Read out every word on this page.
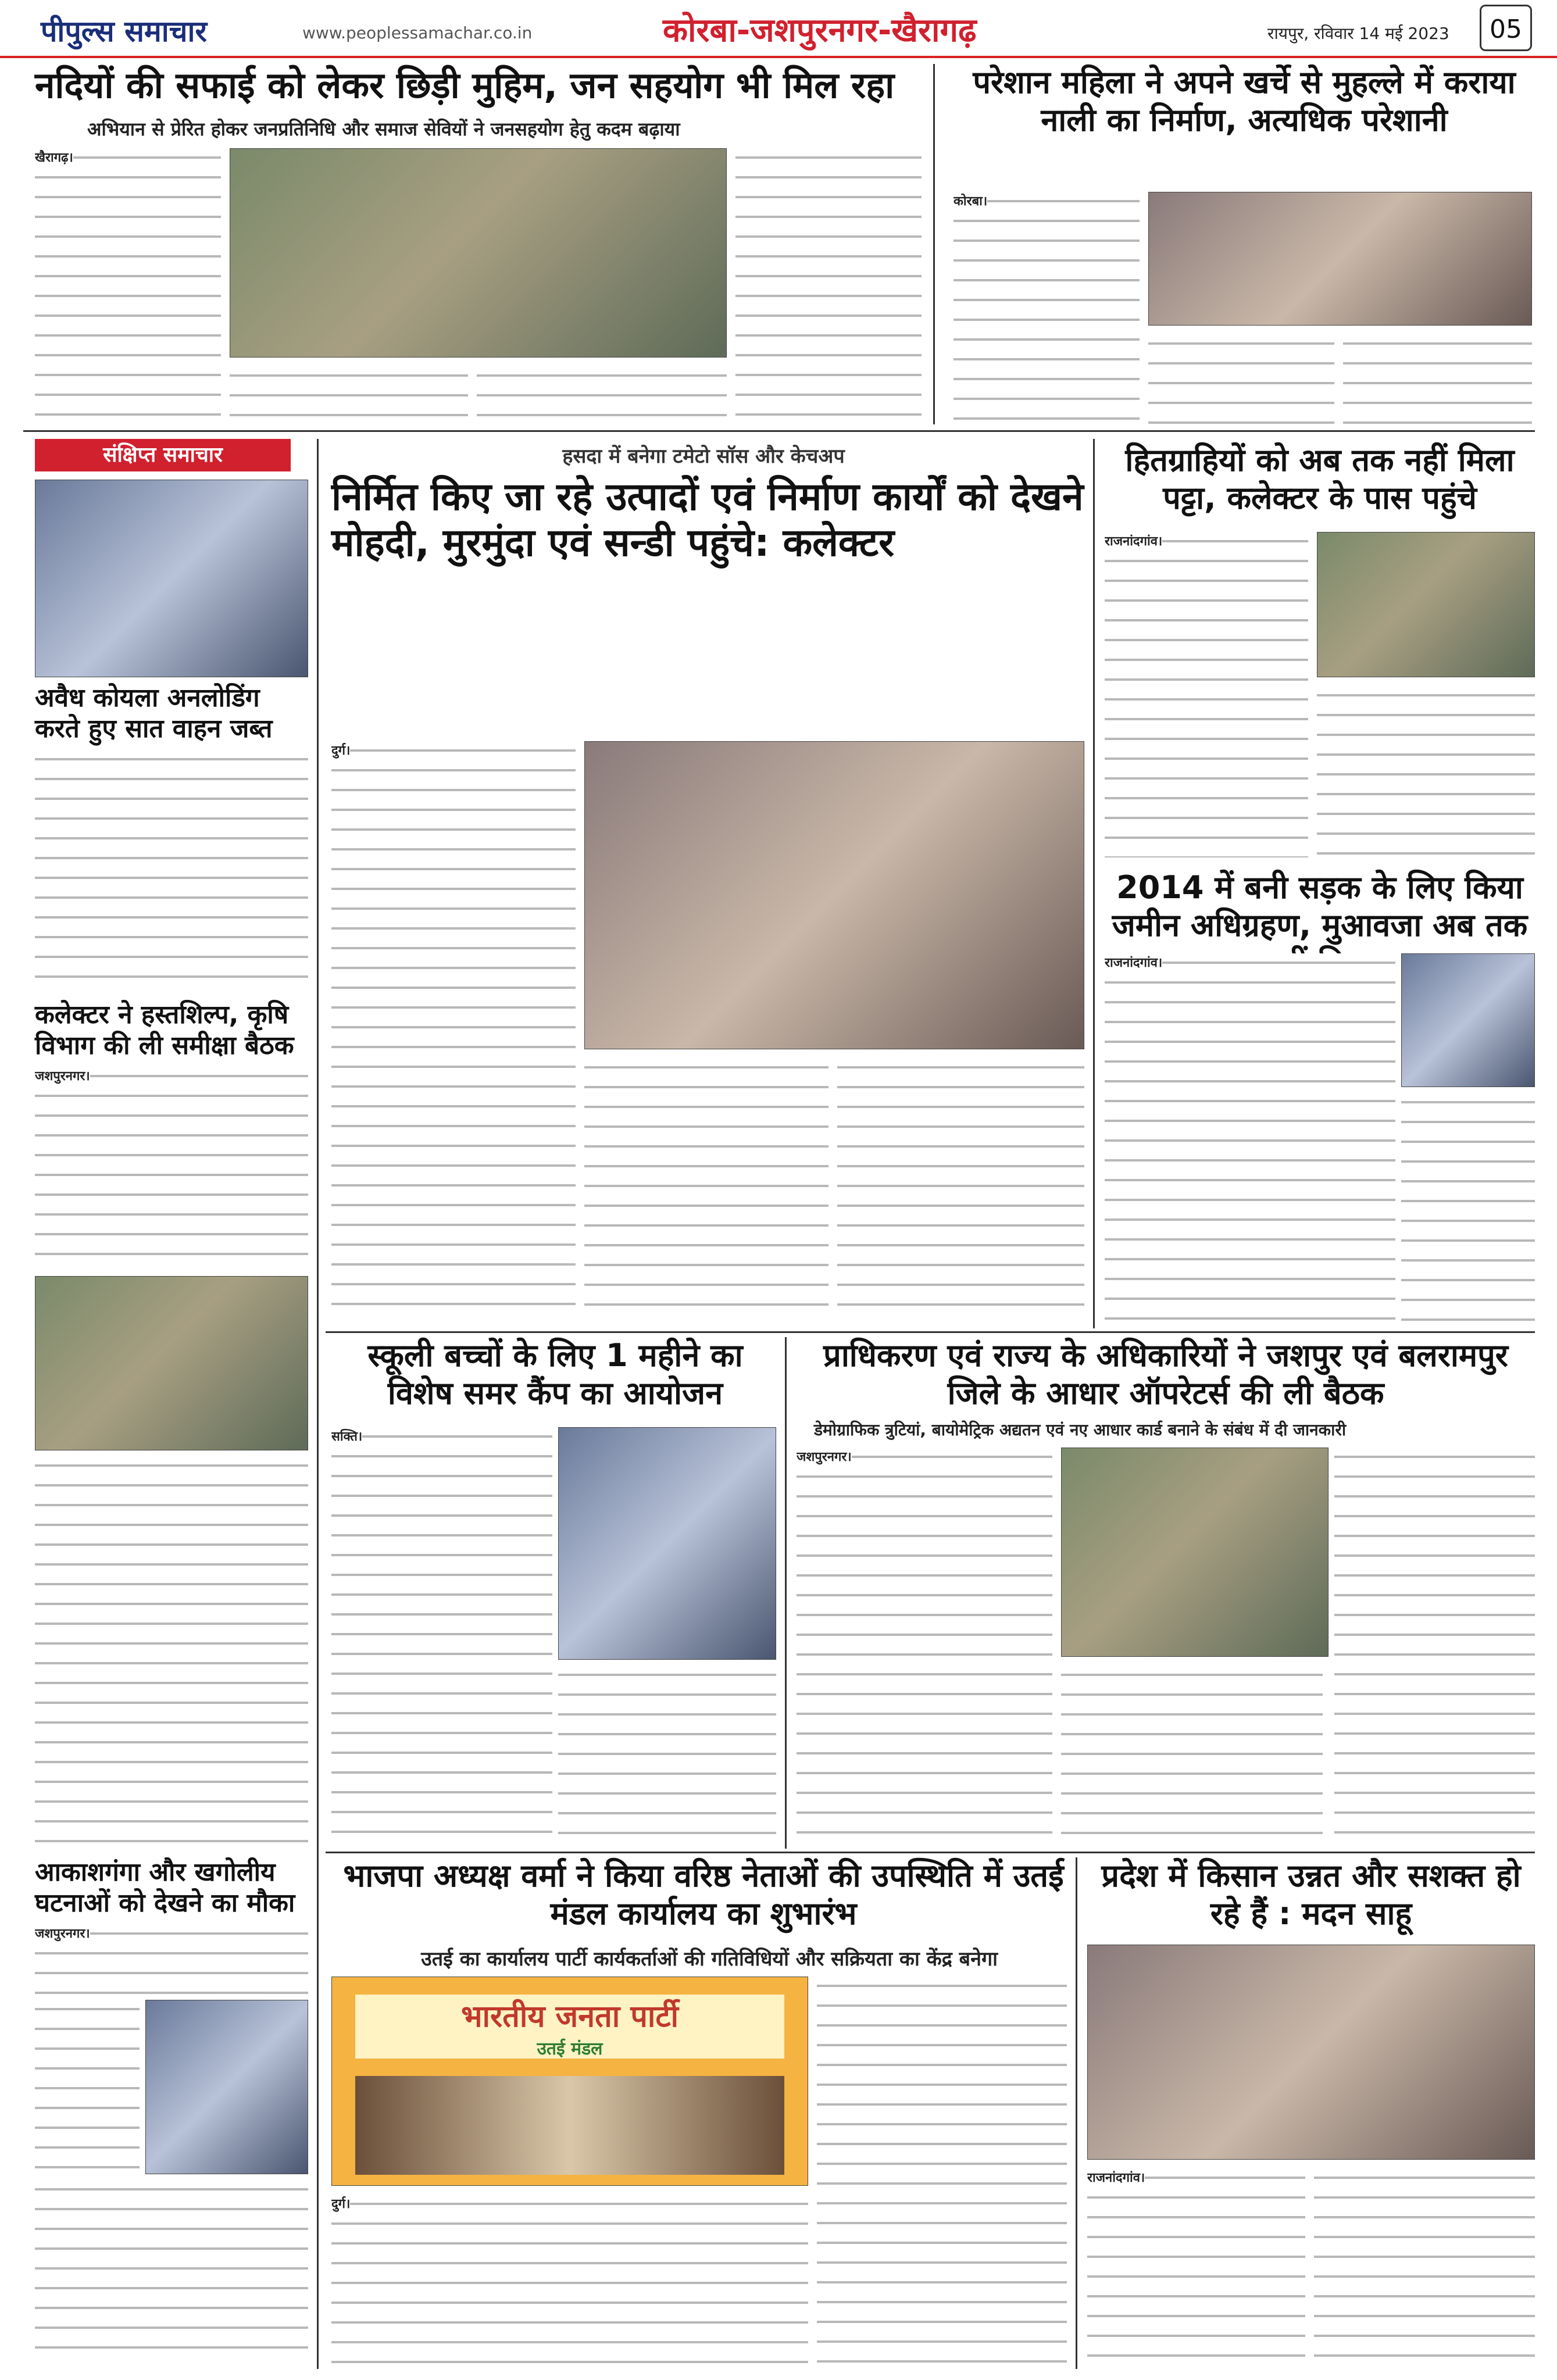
पीपुल्स समाचार	www.peoplessamachar.co.in	कोरबा-जशपुरनगर-खैरागढ़	रायपुर, रविवार 14 मई 2023	05
नदियों की सफाई को लेकर छिड़ी मुहिम, जन सहयोग भी मिल रहा
अभियान से प्रेरित होकर जनप्रतिनिधि और समाज सेवियों ने जनसहयोग हेतु कदम बढ़ाया
खैरागढ़।
परेशान महिला ने अपने खर्चे से मुहल्ले में कराया नाली का निर्माण, अत्यधिक परेशानी
कोरबा।
संक्षिप्त समाचार
अवैध कोयला अनलोडिंग करते हुए सात वाहन जब्त
कलेक्टर ने हस्तशिल्प, कृषि विभाग की ली समीक्षा बैठक
जशपुरनगर।
आकाशगंगा और खगोलीय घटनाओं को देखने का मौका
जशपुरनगर।
हसदा में बनेगा टमेटो सॉस और केचअप
निर्मित किए जा रहे उत्पादों एवं निर्माण कार्यों को देखने मोहदी, मुरमुंदा एवं सन्डी पहुंचे: कलेक्टर
दुर्ग।
हितग्राहियों को अब तक नहीं मिला पट्टा, कलेक्टर के पास पहुंचे
राजनांदगांव।
2014 में बनी सड़क के लिए किया जमीन अधिग्रहण, मुआवजा अब तक
राजनांदगांव।
स्कूली बच्चों के लिए 1 महीने का विशेष समर कैंप का आयोजन
सक्ति।
प्राधिकरण एवं राज्य के अधिकारियों ने जशपुर एवं बलरामपुर जिले के आधार ऑपरेटर्स की ली बैठक
डेमोग्राफिक त्रुटियां, बायोमेट्रिक अद्यतन एवं नए आधार कार्ड बनाने के संबंध में दी जानकारी
जशपुरनगर।
भाजपा अध्यक्ष वर्मा ने किया वरिष्ठ नेताओं की उपस्थिति में उतई मंडल कार्यालय का शुभारंभ
उतई का कार्यालय पार्टी कार्यकर्ताओं की गतिविधियों और सक्रियता का केंद्र बनेगा
भारतीय जनता पार्टी
उतई मंडल
दुर्ग।
प्रदेश में किसान उन्नत और सशक्त हो रहे हैं : मदन साहू
राजनांदगांव।
